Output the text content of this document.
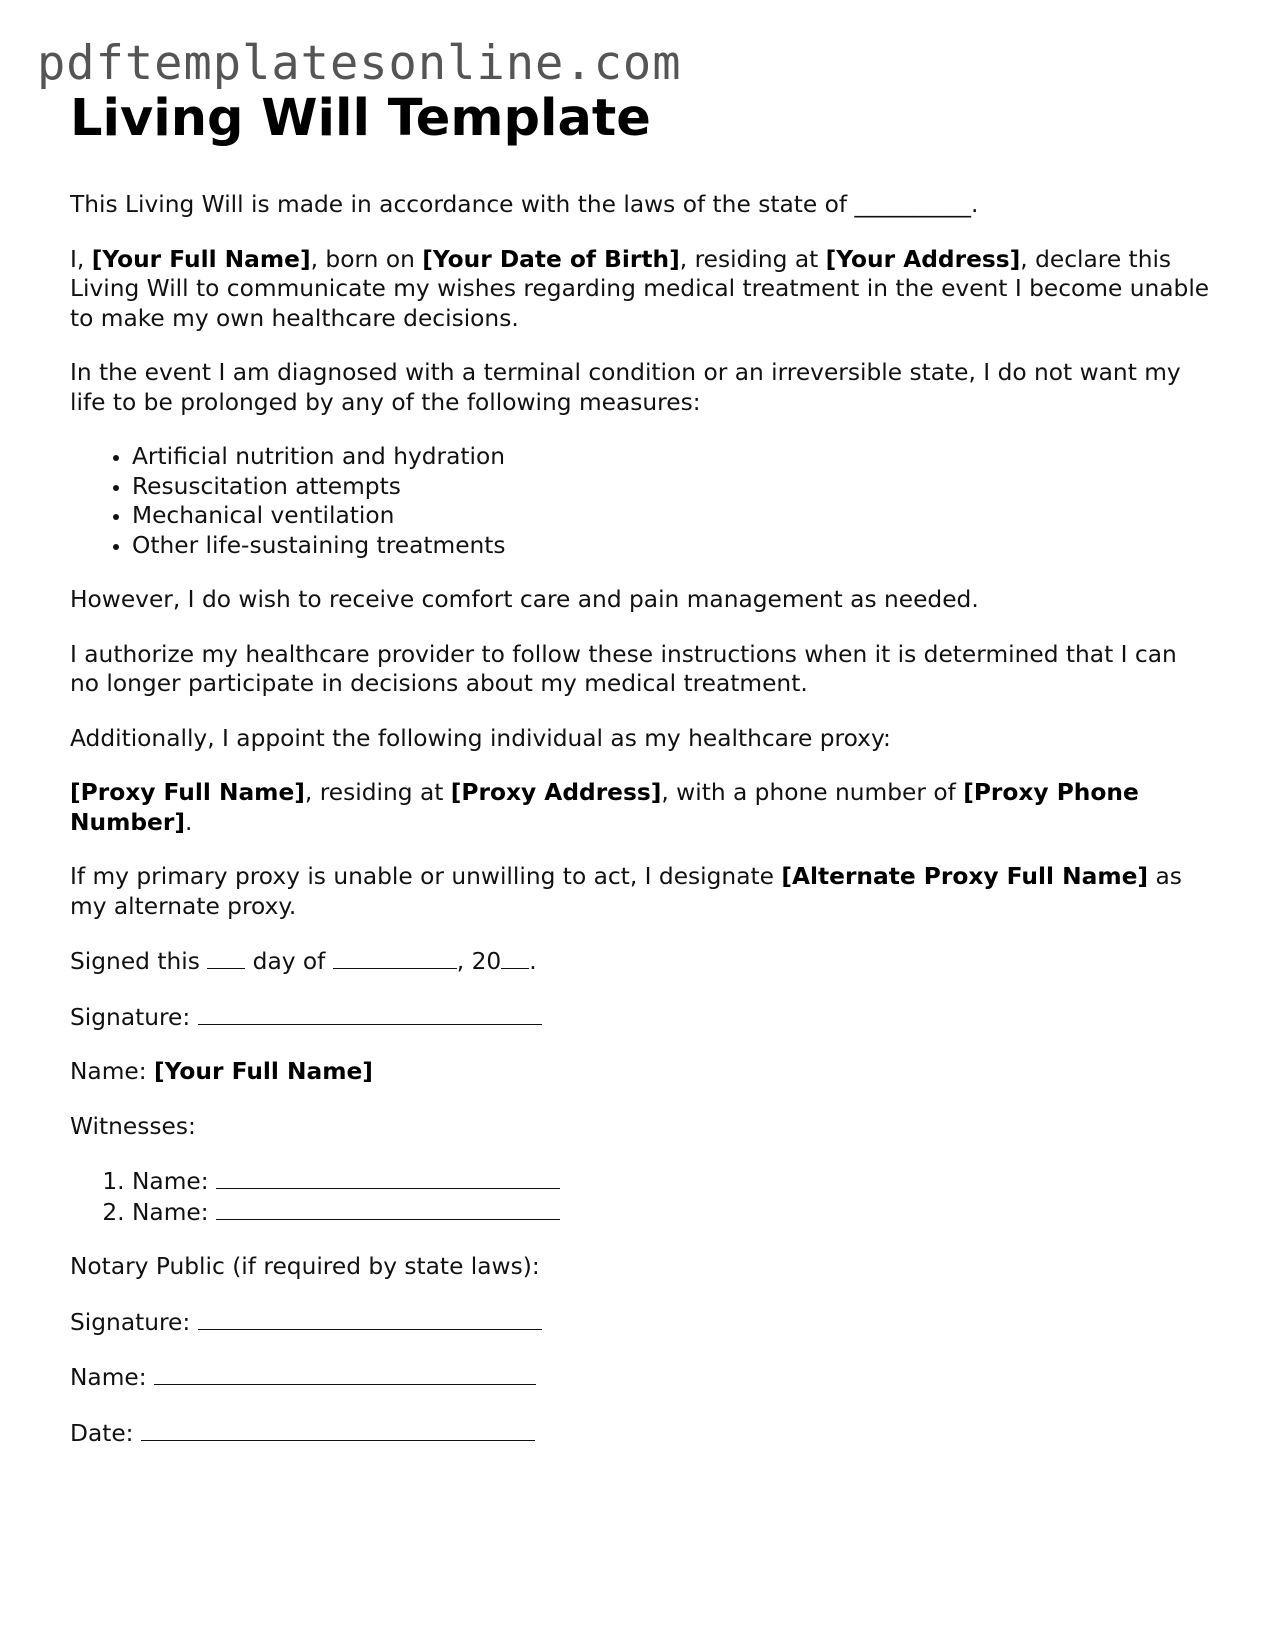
pdftemplatesonline.com
Living Will Template

This Living Will is made in accordance with the laws of the state of __________.

I, [Your Full Name], born on [Your Date of Birth], residing at [Your Address], declare this Living Will to communicate my wishes regarding medical treatment in the event I become unable to make my own healthcare decisions.

In the event I am diagnosed with a terminal condition or an irreversible state, I do not want my life to be prolonged by any of the following measures:

• Artificial nutrition and hydration
• Resuscitation attempts
• Mechanical ventilation
• Other life-sustaining treatments

However, I do wish to receive comfort care and pain management as needed.

I authorize my healthcare provider to follow these instructions when it is determined that I can no longer participate in decisions about my medical treatment.

Additionally, I appoint the following individual as my healthcare proxy:

[Proxy Full Name], residing at [Proxy Address], with a phone number of [Proxy Phone Number].

If my primary proxy is unable or unwilling to act, I designate [Alternate Proxy Full Name] as my alternate proxy.

Signed this day of	, 20 .

Signature:

Name: [Your Full Name]

Witnesses:

1. Name:
2. Name:

Notary Public (if required by state laws):

Signature:

Name:

Date:
